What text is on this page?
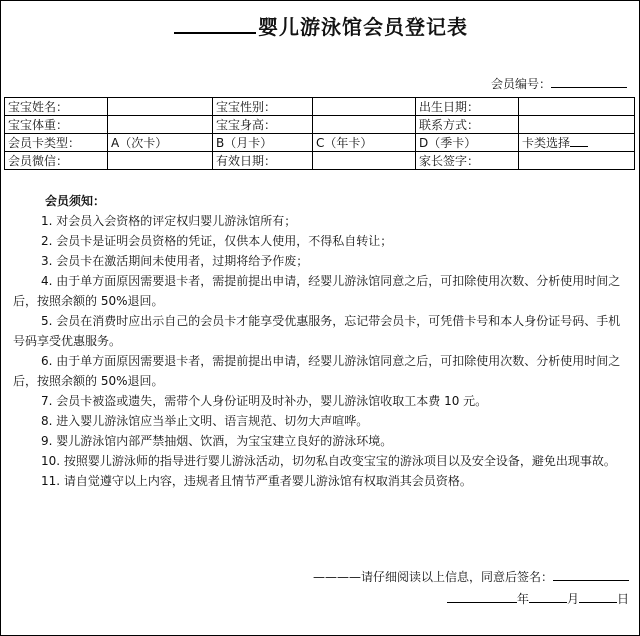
婴儿游泳馆会员登记表
会员编号：
宝宝姓名：		宝宝性别：		出生日期：	
宝宝体重：		宝宝身高：		联系方式：	
会员卡类型：	A（次卡）	B（月卡）	C（年卡）	D（季卡）	卡类选择
会员微信：		有效日期：		家长签字：	
会员须知：

1. 对会员入会资格的评定权归婴儿游泳馆所有；

2. 会员卡是证明会员资格的凭证，仅供本人使用，不得私自转让；

3. 会员卡在激活期间未使用者，过期将给予作废；

4. 由于单方面原因需要退卡者，需提前提出申请，经婴儿游泳馆同意之后，可扣除使用次数、分析使用时间之后，按照余额的 50%退回。

5. 会员在消费时应出示自己的会员卡才能享受优惠服务，忘记带会员卡，可凭借卡号和本人身份证号码、手机号码享受优惠服务。

6. 由于单方面原因需要退卡者，需提前提出申请，经婴儿游泳馆同意之后，可扣除使用次数、分析使用时间之后，按照余额的 50%退回。

7. 会员卡被盗或遗失，需带个人身份证明及时补办，婴儿游泳馆收取工本费 10 元。

8. 进入婴儿游泳馆应当举止文明、语言规范、切勿大声喧哗。

9. 婴儿游泳馆内部严禁抽烟、饮酒，为宝宝建立良好的游泳环境。

10. 按照婴儿游泳师的指导进行婴儿游泳活动，切勿私自改变宝宝的游泳项目以及安全设备，避免出现事故。

11. 请自觉遵守以上内容，违规者且情节严重者婴儿游泳馆有权取消其会员资格。

————请仔细阅读以上信息，同意后签名：
年	月	日
